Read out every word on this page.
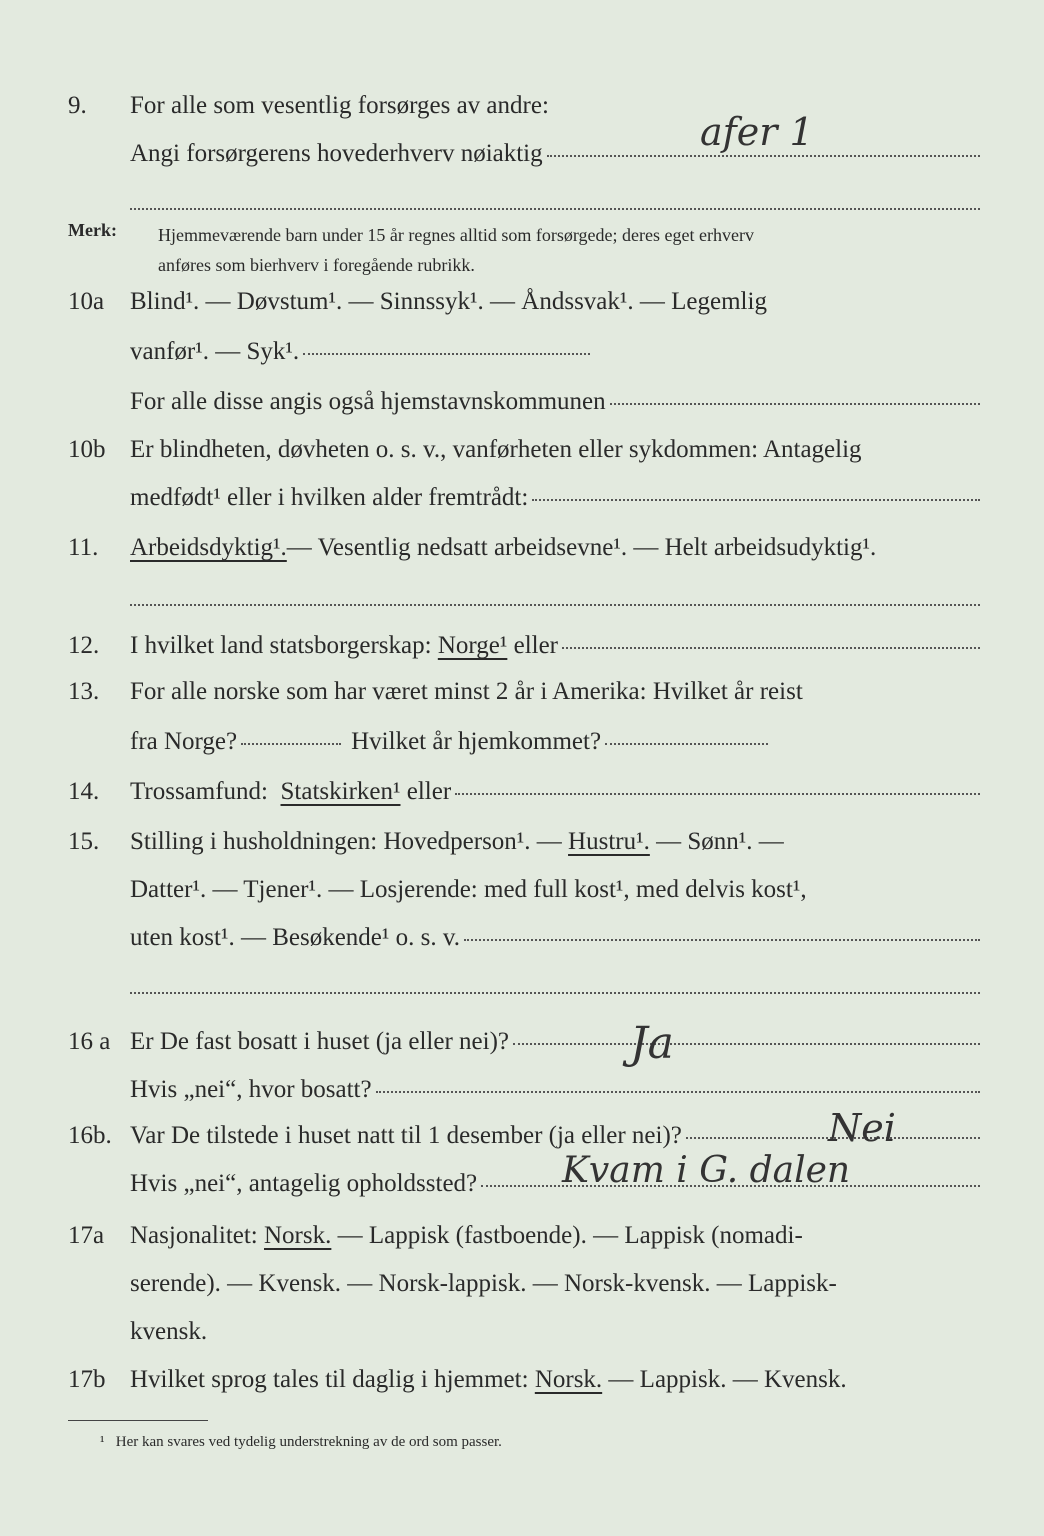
9.	For alle som vesentlig forsørges av andre:
Angi forsørgerens hovederhverv nøiaktig	afer 1
Merk: Hjemmeværende barn under 15 år regnes alltid som forsørgede; deres eget erhverv
anføres som bierhverv i foregående rubrikk.
10a	Blind¹. — Døvstum¹. — Sinnssyk¹. — Åndssvak¹. — Legemlig
vanfør¹. — Syk¹.
For alle disse angis også hjemstavnskommunen
10b Er blindheten, døvheten o. s. v., vanførheten eller sykdommen: Antagelig
medfødt¹ eller i hvilken alder fremtrådt:
11.	Arbeidsdyktig¹. — Vesentlig nedsatt arbeidsevne¹. — Helt arbeidsudyktig¹.
12.	I hvilket land statsborgerskap:
Norge¹
eller
13.	For alle norske som har været minst 2 år i Amerika: Hvilket år reist
fra Norge?	Hvilket år hjemkommet?
14.	Trossamfund:
Statskirken¹
eller
15.	Stilling i husholdningen: Hovedperson¹. —
Hustru¹.
— Sønn¹. —
Datter¹. — Tjener¹. — Losjerende: med full kost¹, med delvis kost¹,
uten kost¹. — Besøkende¹ o. s. v.
16 a Er De fast bosatt i huset (ja eller nei)?	Ja
Hvis „nei“, hvor bosatt?
16b. Var De tilstede i huset natt til 1 desember (ja eller nei)?	Nei
Hvis „nei“, antagelig opholdssted? Kvam i G. dalen
17a	Nasjonalitet:
Norsk.
— Lappisk (fastboende). — Lappisk (nomadi-
serende). — Kvensk. — Norsk-lappisk. — Norsk-kvensk. — Lappisk-
kvensk.
17b Hvilket sprog tales til daglig i hjemmet:
Norsk.
— Lappisk. — Kvensk.
¹ Her kan svares ved tydelig understrekning av de ord som passer.
